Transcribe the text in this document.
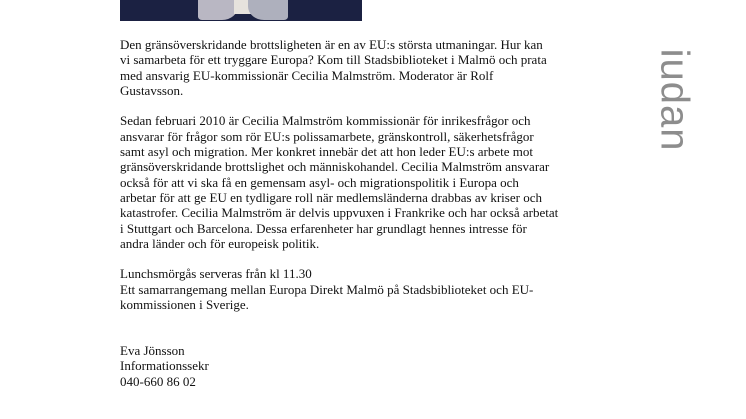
Den gränsöverskridande brottsligheten är en av EU:s största utmaningar. Hur kan
vi samarbeta för ett tryggare Europa? Kom till Stadsbiblioteket i Malmö och prata
med ansvarig EU-kommissionär Cecilia Malmström. Moderator är Rolf
Gustavsson.

Sedan februari 2010 är Cecilia Malmström kommissionär för inrikesfrågor och
ansvarar för frågor som rör EU:s polissamarbete, gränskontroll, säkerhetsfrågor
samt asyl och migration. Mer konkret innebär det att hon leder EU:s arbete mot
gränsöverskridande brottslighet och människohandel. Cecilia Malmström ansvarar
också för att vi ska få en gemensam asyl- och migrationspolitik i Europa och
arbetar för att ge EU en tydligare roll när medlemsländerna drabbas av kriser och
katastrofer. Cecilia Malmström är delvis uppvuxen i Frankrike och har också arbetat
i Stuttgart och Barcelona. Dessa erfarenheter har grundlagt hennes intresse för
andra länder och för europeisk politik.

Lunchsmörgås serveras från kl 11.30
Ett samarrangemang mellan Europa Direkt Malmö på Stadsbiblioteket och EU-
kommissionen i Sverige.

Eva Jönsson

Informationssekr

040-660 86 02

iudan
